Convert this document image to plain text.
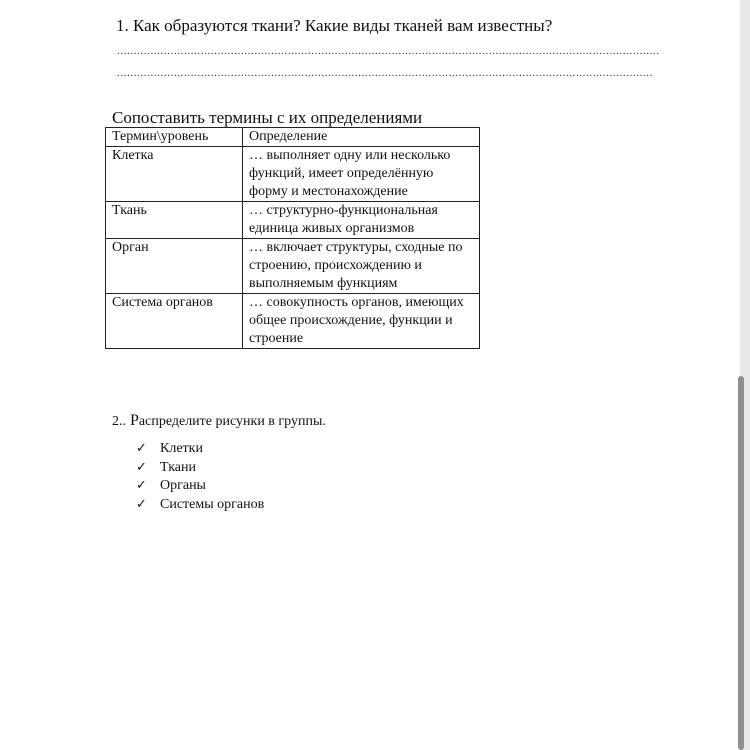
1. Как образуются ткани? Какие виды тканей вам известны?
..................................................................................................................................................................
................................................................................................................................................................
Сопоставить термины с их определениями
Термин\уровень	Определение
Клетка	… выполняет одну или несколько функций, имеет определённую форму и местонахождение
Ткань	… структурно-функциональная единица живых организмов
Орган	… включает структуры, сходные по строению, происхождению и выполняемым функциям
Система органов	… совокупность органов, имеющих общее происхождение, функции и строение
2.. Распределите рисунки в группы.
✓ Клетки
✓ Ткани
✓ Органы
✓ Системы органов
